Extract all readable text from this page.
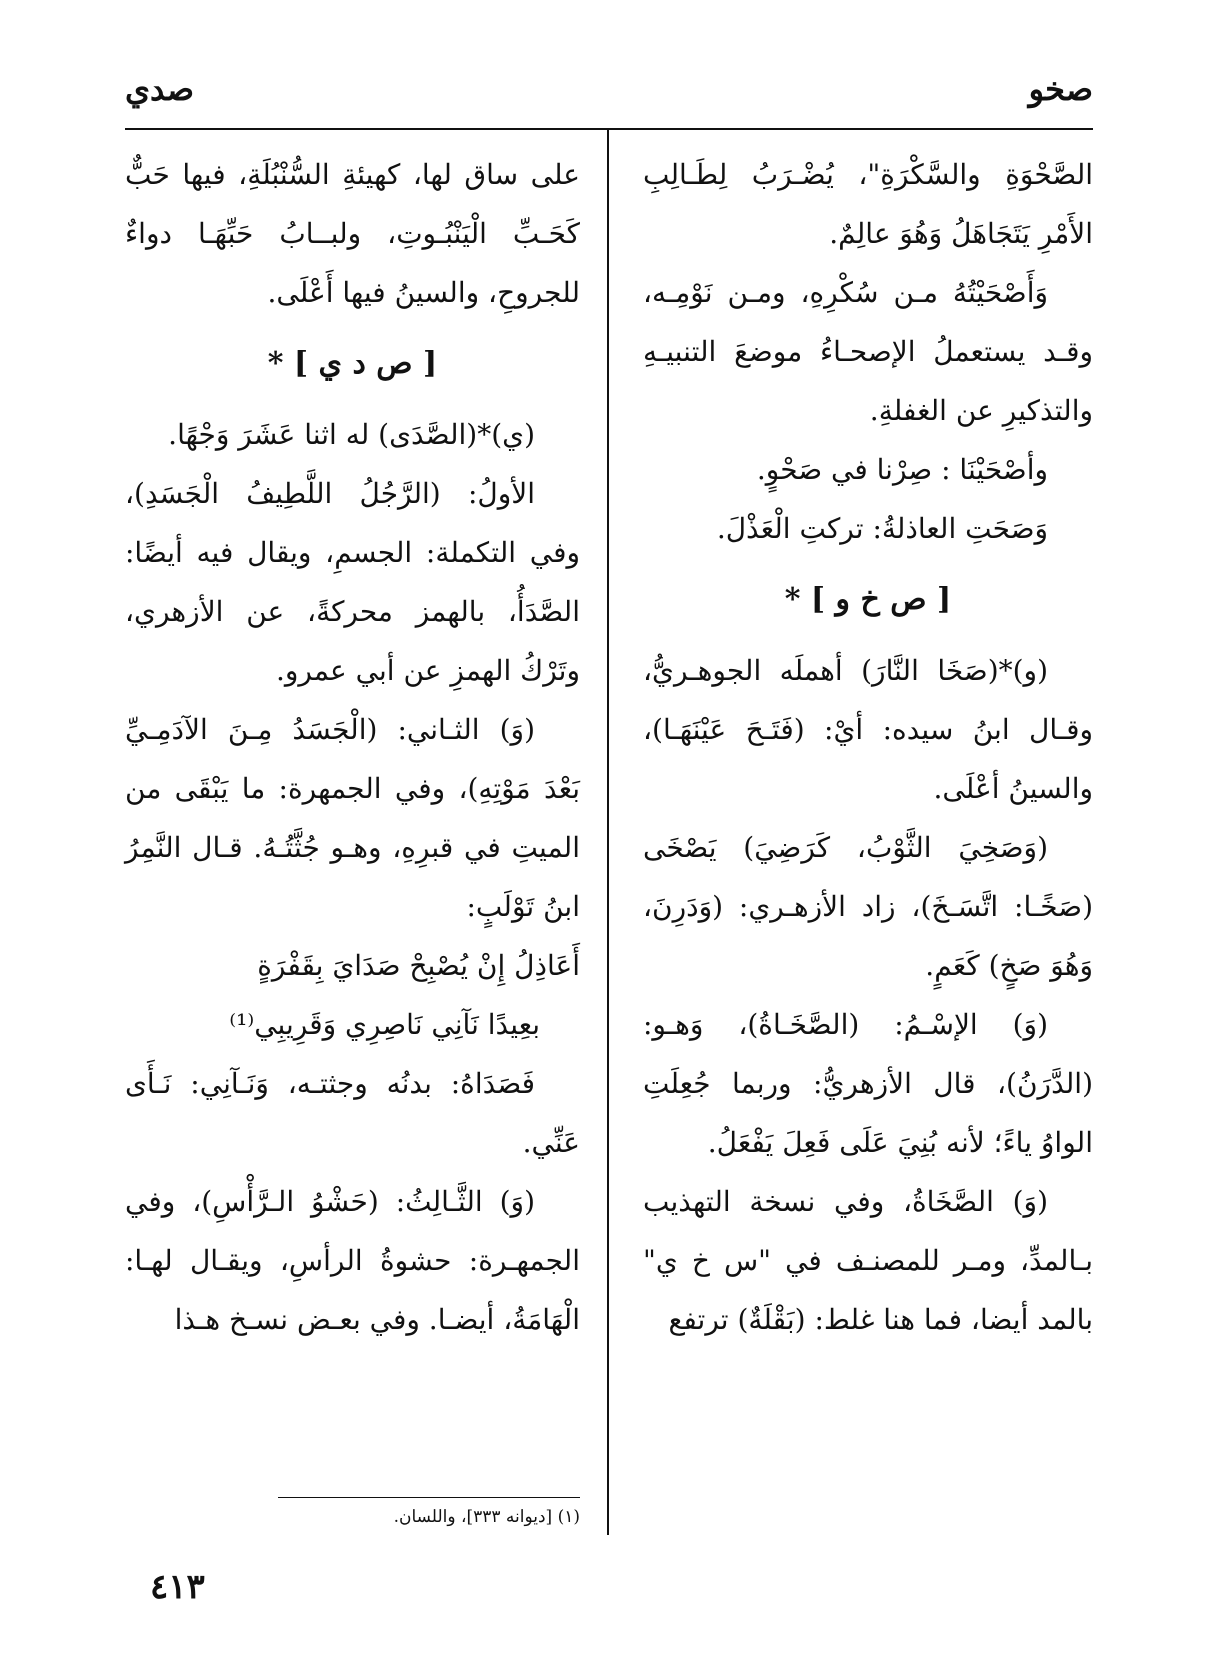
صخو
صدي

الصَّحْوَةِ والسَّكْرَةِ"، يُضْـرَبُ لِطَـالِبِ الأَمْرِ يَتَجَاهَلُ وَهُوَ عالِمٌ.

وَأَصْحَيْتُهُ مـن سُكْرِهِ، ومـن نَوْمِـه، وقـد يستعملُ الإصحـاءُ موضعَ التنبيـهِ والتذكيرِ عن الغفلةِ.

وأصْحَيْنَا : صِرْنا في صَحْوٍ.

وَصَحَتِ العاذلةُ: تركتِ الْعَذْلَ.

[ ص خ و ] *

(و)*(صَخَا النَّارَ) أهملَه الجوهـريُّ، وقـال ابنُ سيده: أيْ: (فَتَـحَ عَيْنَهَـا)، والسينُ أعْلَى.

(وَصَخِيَ الثَّوْبُ، كَرَضِيَ) يَصْخَى (صَخًـا: اتَّسَـخَ)، زاد الأزهـري: (وَدَرِنَ، وَهُوَ صَخٍ) كَعَمٍ.

(وَ) الإسْـمُ: (الصَّخَـاةُ)، وَهـو: (الدَّرَنُ)، قال الأزهريُّ: وربما جُعِلَتِ الواوُ ياءً؛ لأنه بُنِيَ عَلَى فَعِلَ يَفْعَلُ.

(وَ) الصَّخَاةُ، وفي نسخة التهذيب بـالمدِّ، ومـر للمصنـف في "س خ ي" بالمد أيضا، فما هنا غلط: (بَقْلَةٌ) ترتفع

على ساق لها، كهيئةِ السُّنْبُلَةِ، فيها حَبٌّ كَحَـبِّ الْيَنْبُـوتِ، ولبــابُ حَبِّهَـا دواءٌ للجروحِ، والسينُ فيها أَعْلَى.

[ ص د ي ] *

(ي)*(الصَّدَى) له اثنا عَشَرَ وَجْهًا.

الأولُ: (الرَّجُلُ اللَّطِيفُ الْجَسَدِ)، وفي التكملة: الجسمِ، ويقال فيه أيضًا: الصَّدَأُ، بالهمز محركةً، عن الأزهري، وتَرْكُ الهمزِ عن أبي عمرو.

(وَ) الثـاني: (الْجَسَدُ مِـنَ الآدَمِـيِّ بَعْدَ مَوْتِهِ)، وفي الجمهرة: ما يَبْقَى من الميتِ في قبرِهِ، وهـو جُثَّتُـهُ. قـال النَّمِرُ ابنُ تَوْلَبٍ:

أَعَاذِلُ إِنْ يُصْبِحْ صَدَايَ بِقَفْرَةٍ

بعِيدًا نَآنِي نَاصِرِي وَقَرِيبِي⁽¹⁾

فَصَدَاهُ: بدنُه وجثتـه، وَنَـآنِي: نَـأَى عَنِّي.

(وَ) الثَّـالِثُ: (حَشْوُ الـرَّأْسِ)، وفي الجمهـرة: حشوةُ الرأسِ، ويقـال لهـا: الْهَامَةُ، أيضـا. وفي بعـض نسـخ هـذا

(١) [ديوانه ٣٣٣]، واللسان.
٤١٣
